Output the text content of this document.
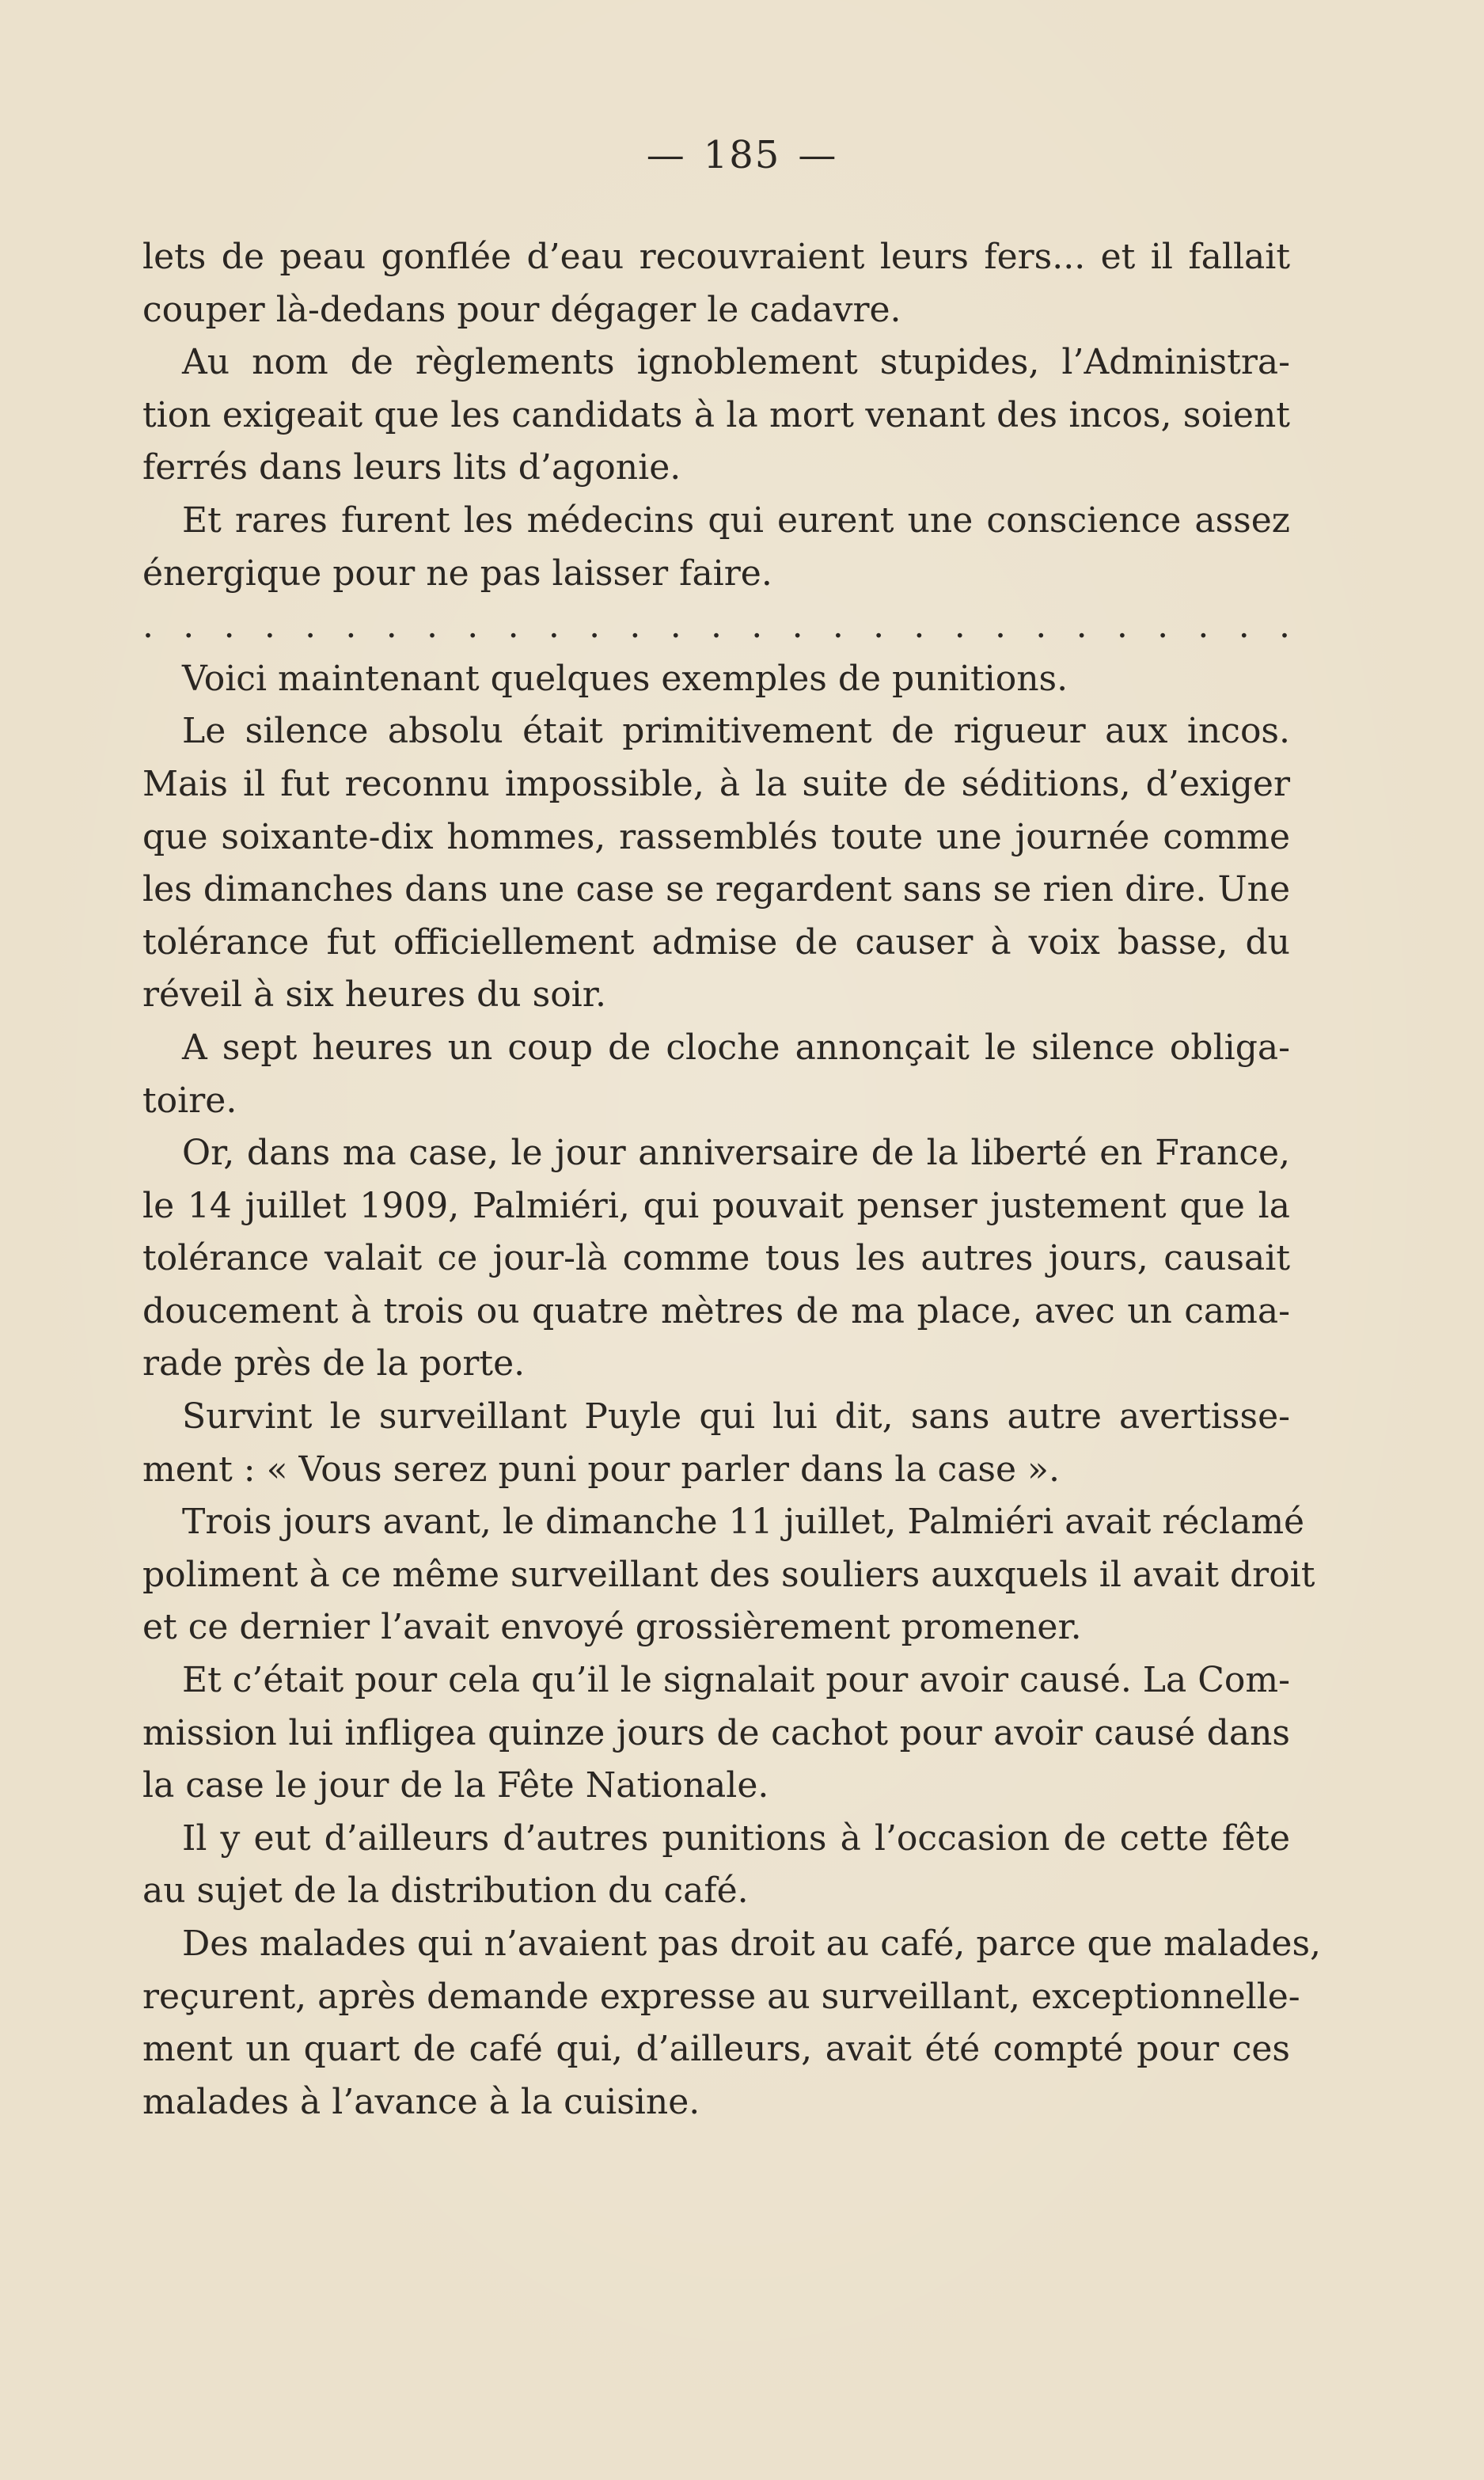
— 185 —
lets de peau gonflée d’eau recouvraient leurs fers... et il fallait
couper là-dedans pour dégager le cadavre.
Au nom de règlements ignoblement stupides, l’Administra-
tion exigeait que les candidats à la mort venant des incos, soient
ferrés dans leurs lits d’agonie.
Et rares furent les médecins qui eurent une conscience assez
énergique pour ne pas laisser faire.
. . . . . . . . . . . . . . . . . . . . . . . . . . . . .
Voici maintenant quelques exemples de punitions.
Le silence absolu était primitivement de rigueur aux incos.
Mais il fut reconnu impossible, à la suite de séditions, d’exiger
que soixante-dix hommes, rassemblés toute une journée comme
les dimanches dans une case se regardent sans se rien dire. Une
tolérance fut officiellement admise de causer à voix basse, du
réveil à six heures du soir.
A sept heures un coup de cloche annonçait le silence obliga-
toire.
Or, dans ma case, le jour anniversaire de la liberté en France,
le 14 juillet 1909, Palmiéri, qui pouvait penser justement que la
tolérance valait ce jour-là comme tous les autres jours, causait
doucement à trois ou quatre mètres de ma place, avec un cama-
rade près de la porte.
Survint le surveillant Puyle qui lui dit, sans autre avertisse-
ment : « Vous serez puni pour parler dans la case ».
Trois jours avant, le dimanche 11 juillet, Palmiéri avait réclamé
poliment à ce même surveillant des souliers auxquels il avait droit
et ce dernier l’avait envoyé grossièrement promener.
Et c’était pour cela qu’il le signalait pour avoir causé. La Com-
mission lui infligea quinze jours de cachot pour avoir causé dans
la case le jour de la Fête Nationale.
Il y eut d’ailleurs d’autres punitions à l’occasion de cette fête
au sujet de la distribution du café.
Des malades qui n’avaient pas droit au café, parce que malades,
reçurent, après demande expresse au surveillant, exceptionnelle-
ment un quart de café qui, d’ailleurs, avait été compté pour ces
malades à l’avance à la cuisine.
